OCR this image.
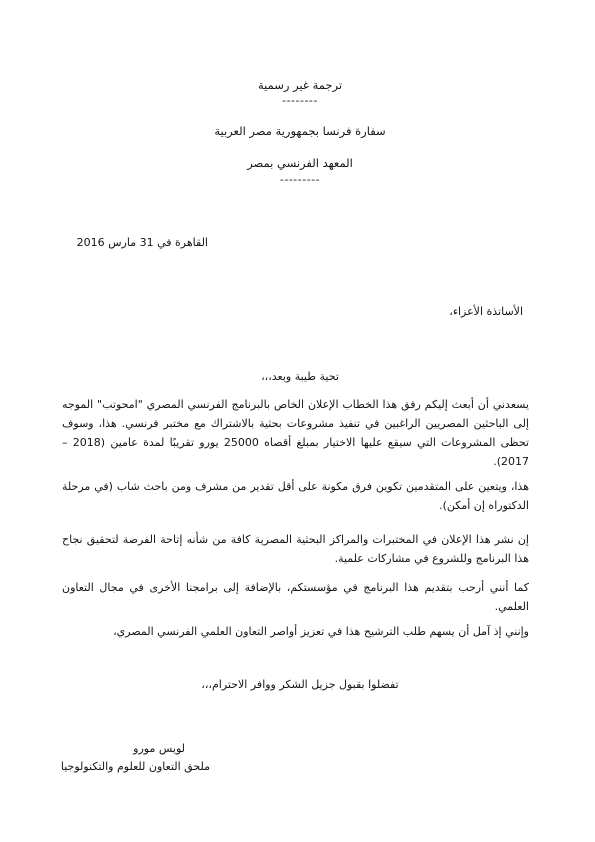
ترجمة غير رسمية
--------
سفارة فرنسا بجمهورية مصر العربية
المعهد الفرنسي بمصر
---------
القاهرة في 31 مارس 2016
الأساتذة الأعزاء،
تحية طيبة وبعد،،،
يسعدني أن أبعث إليكم رفق هذا الخطاب الإعلان الخاص بالبرنامج الفرنسي المصري "امحوتب" الموجه إلى الباحثين المصريين الراغبين في تنفيذ مشروعات بحثية بالاشتراك مع مختبر فرنسي. هذا، وسوف تحظى المشروعات التي سيقع عليها الاختيار بمبلغ أقصاه 25000 يورو تقريبًا لمدة عامين (2018 – 2017).
هذا، ويتعين على المتقدمين تكوين فرق مكونة على أقل تقدير من مشرف ومن باحث شاب (في مرحلة الدكتوراه إن أمكن).
إن نشر هذا الإعلان في المختبرات والمراكز البحثية المصرية كافة من شأنه إتاحة الفرصة لتحقيق نجاح هذا البرنامج وللشروع في مشاركات علمية.
كما أنني أرحب بتقديم هذا البرنامج في مؤسستكم، بالإضافة إلى برامجنا الأخرى في مجال التعاون العلمي.
وإنني إذ آمل أن يسهم طلب الترشيح هذا في تعزيز أواصر التعاون العلمي الفرنسي المصري،
تفضلوا بقبول جزيل الشكر ووافر الاحترام،،،
لويس مورو
ملحق التعاون للعلوم والتكنولوجيا
